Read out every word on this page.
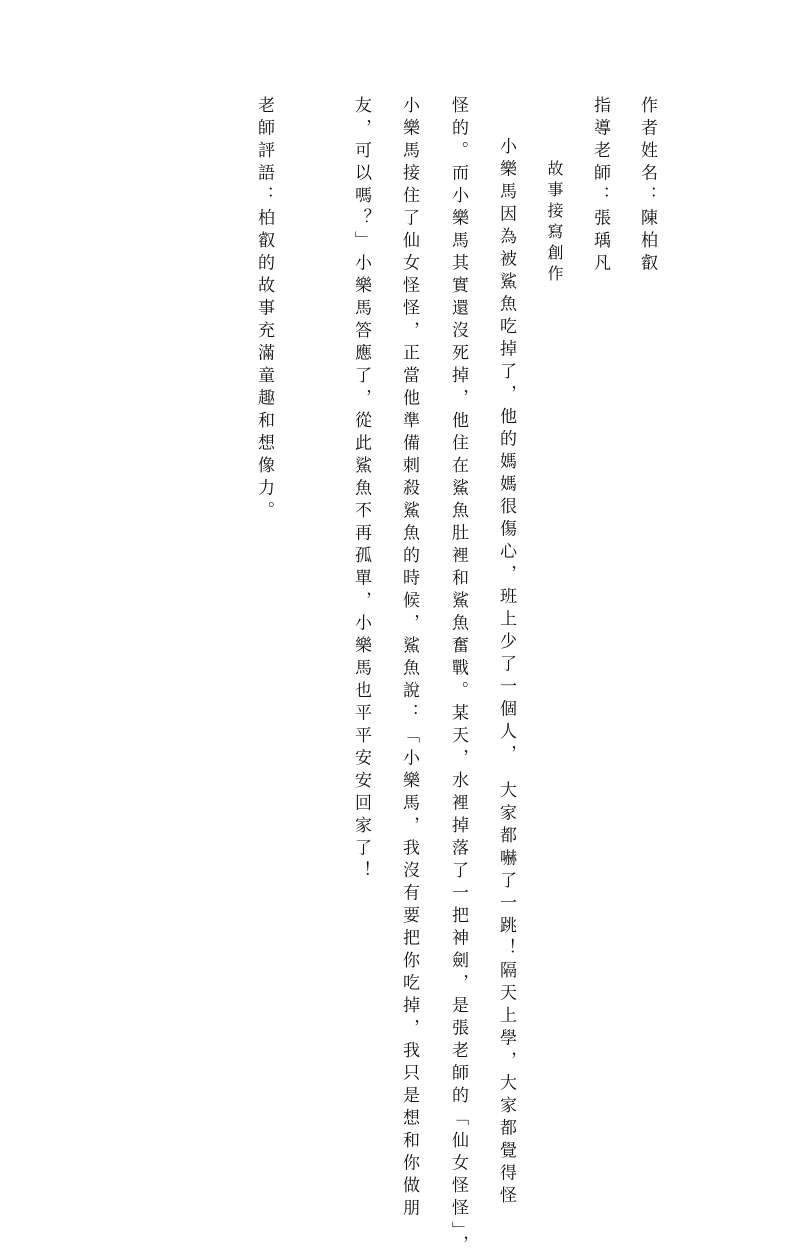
作者姓名：陳柏叡
指導老師：張瑀凡
故事接寫創作
小樂馬因為被鯊魚吃掉了，他的媽媽很傷心，班上少了一個人，　大家都嚇了一跳！隔天上學，大家都覺得怪
怪的。而小樂馬其實還沒死掉，他住在鯊魚肚裡和鯊魚奮戰。某天，水裡掉落了一把神劍，是張老師的「仙女怪怪」，
小樂馬接住了仙女怪怪，正當他準備刺殺鯊魚的時候，鯊魚說：「小樂馬，我沒有要把你吃掉，我只是想和你做朋
友，可以嗎？」小樂馬答應了，從此鯊魚不再孤單，小樂馬也平平安安回家了！
老師評語：柏叡的故事充滿童趣和想像力。
